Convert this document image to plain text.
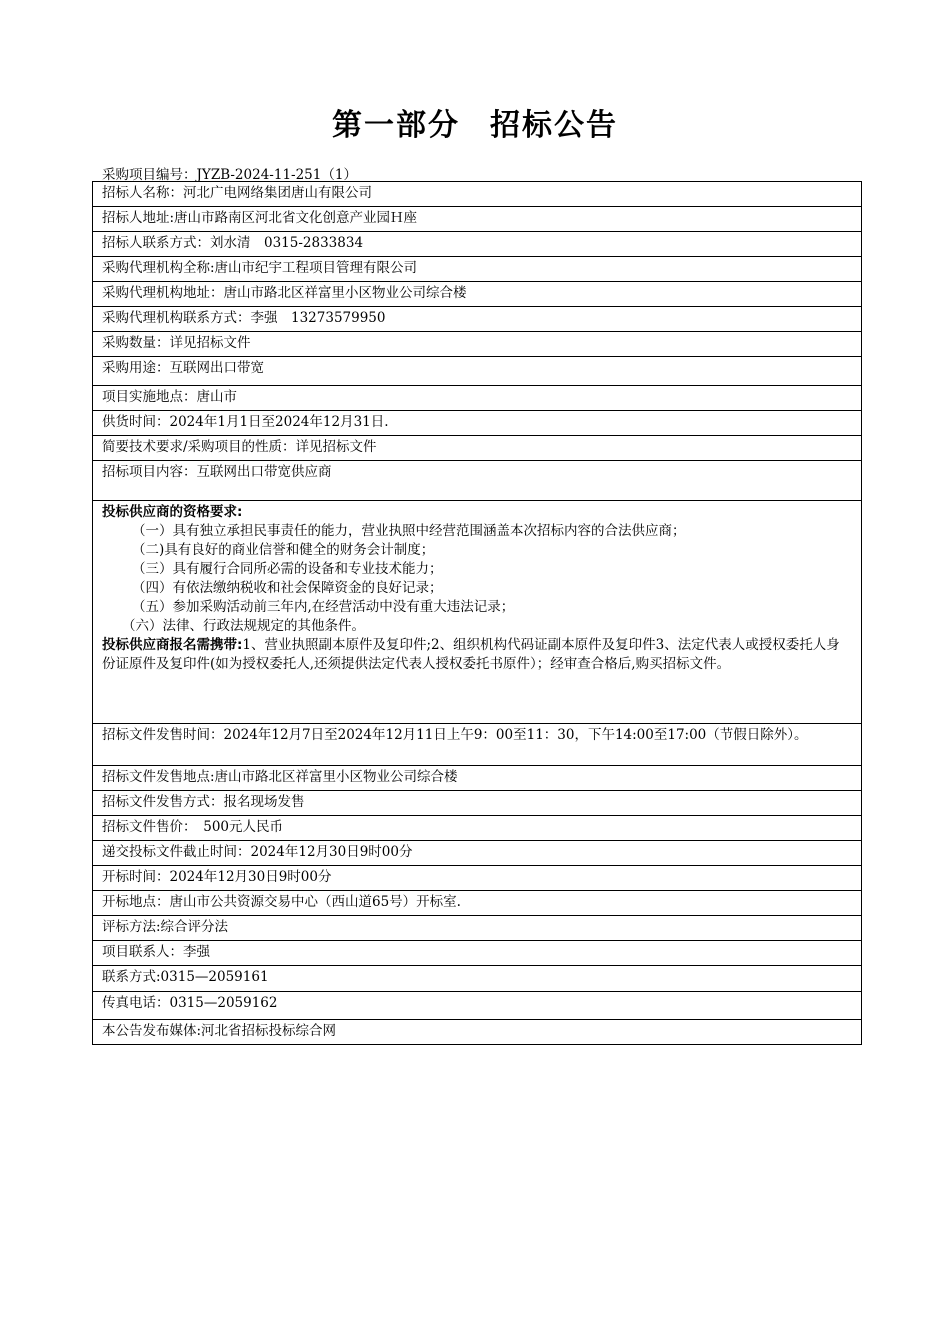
第一部分 招标公告
采购项目编号：JYZB-2024-11-251（1）
招标人名称：河北广电网络集团唐山有限公司
招标人地址:唐山市路南区河北省文化创意产业园Ｈ座
招标人联系方式：刘水清　0315-2833834
采购代理机构全称:唐山市纪宇工程项目管理有限公司
采购代理机构地址：唐山市路北区祥富里小区物业公司综合楼
采购代理机构联系方式：李强　13273579950
采购数量：详见招标文件
采购用途：互联网出口带宽
项目实施地点：唐山市
供货时间：2024年1月1日至2024年12月31日.
简要技术要求/采购项目的性质：详见招标文件
招标项目内容：互联网出口带宽供应商

投标供应商的资格要求:

（一）具有独立承担民事责任的能力，营业执照中经营范围涵盖本次招标内容的合法供应商；

（二)具有良好的商业信誉和健全的财务会计制度；

（三）具有履行合同所必需的设备和专业技术能力；

（四）有依法缴纳税收和社会保障资金的良好记录；

（五）参加采购活动前三年内,在经营活动中没有重大违法记录；

（六）法律、行政法规规定的其他条件。

投标供应商报名需携带:1、营业执照副本原件及复印件;2、组织机构代码证副本原件及复印件3、法定代表人或授权委托人身份证原件及复印件(如为授权委托人,还须提供法定代表人授权委托书原件）；经审查合格后,购买招标文件。

招标文件发售时间：2024年12月7日至2024年12月11日上午9：00至11：30，下午14:00至17:00（节假日除外）。
招标文件发售地点:唐山市路北区祥富里小区物业公司综合楼
招标文件发售方式：报名现场发售
招标文件售价：　500元人民币
递交投标文件截止时间：2024年12月30日9时00分
开标时间：2024年12月30日9时00分
开标地点：唐山市公共资源交易中心（西山道65号）开标室.
评标方法:综合评分法
项目联系人：李强
联系方式:0315—2059161
传真电话：0315—2059162
本公告发布媒体:河北省招标投标综合网
